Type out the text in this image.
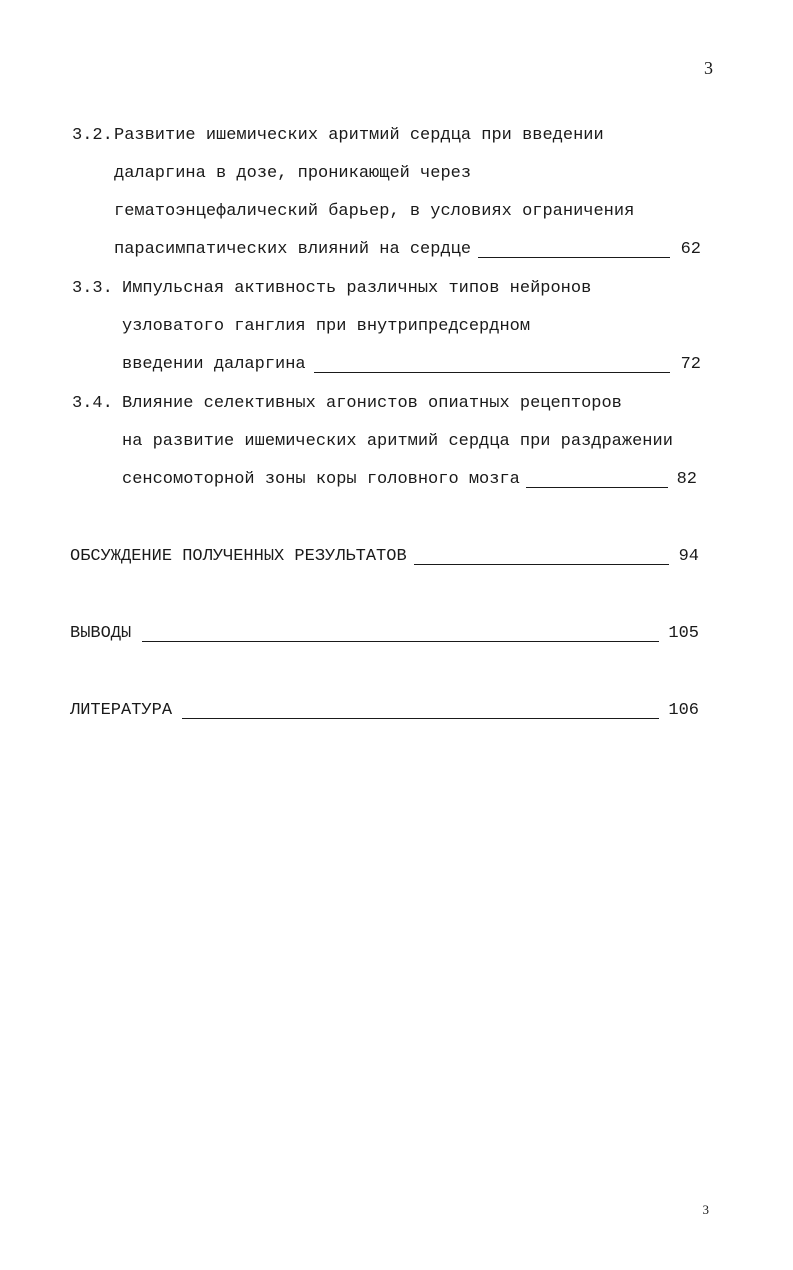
3
3.2. Развитие ишемических аритмий сердца при введении
даларгина в дозе, проникающей через
гематоэнцефалический барьер, в условиях ограничения
парасимпатических влияний на сердце	62
3.3. Импульсная активность различных типов нейронов
узловатого ганглия при внутрипредсердном
введении даларгина	72
3.4. Влияние селективных агонистов опиатных рецепторов
на развитие ишемических аритмий сердца при раздражении
сенсомоторной зоны коры головного мозга	82
ОБСУЖДЕНИЕ ПОЛУЧЕННЫХ РЕЗУЛЬТАТОВ	94
ВЫВОДЫ	105
ЛИТЕРАТУРА	106
3
